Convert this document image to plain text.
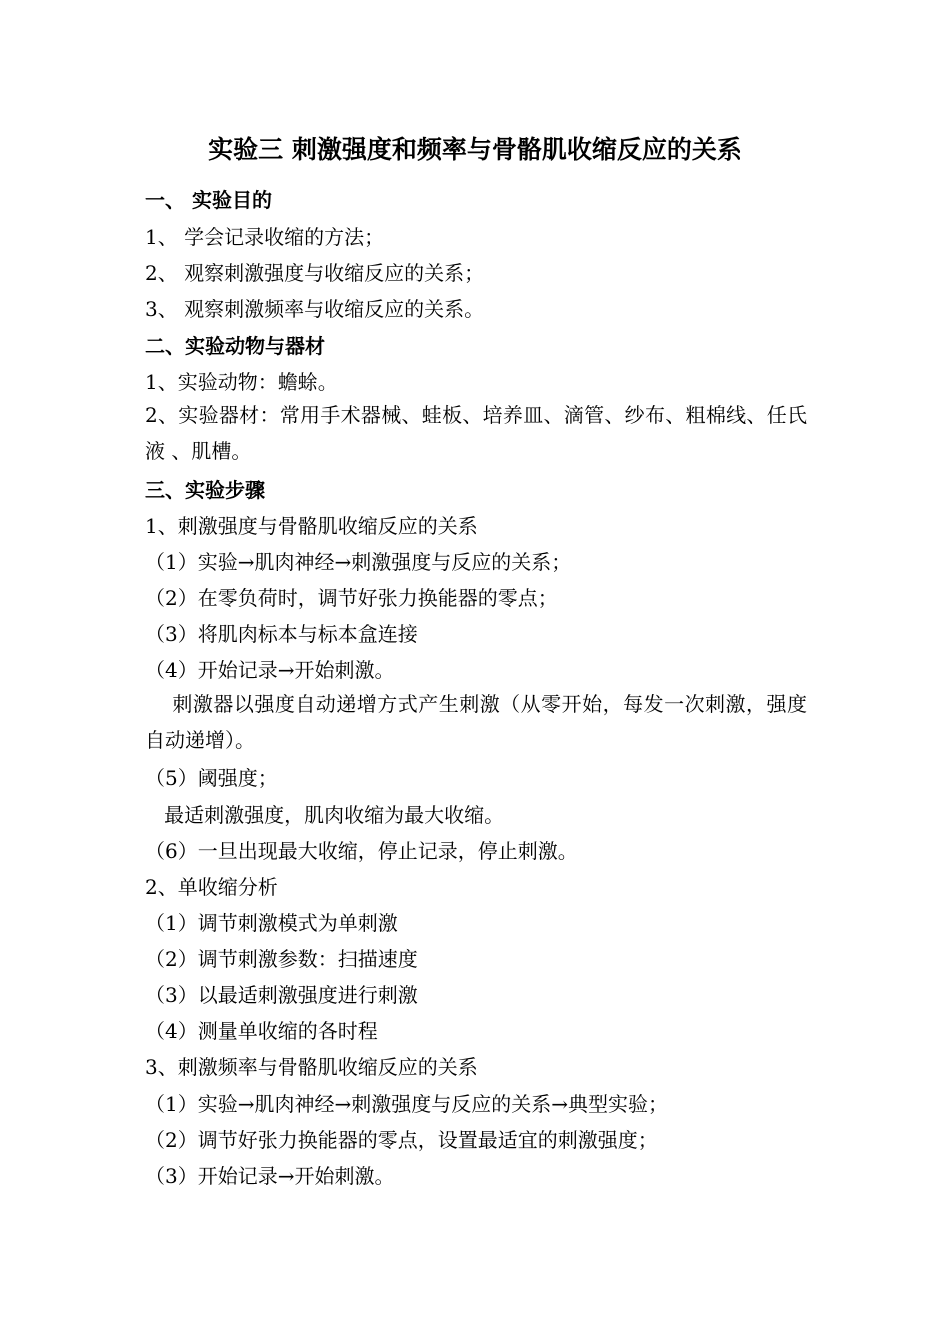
实验三 刺激强度和频率与骨骼肌收缩反应的关系
一、 实验目的
1、 学会记录收缩的方法；
2、 观察刺激强度与收缩反应的关系；
3、 观察刺激频率与收缩反应的关系。
二、实验动物与器材
1、实验动物：蟾蜍。
2、实验器材：常用手术器械、蛙板、培养皿、滴管、纱布、粗棉线、任氏液 、肌槽。
三、实验步骤
1、刺激强度与骨骼肌收缩反应的关系
（1）实验→肌肉神经→刺激强度与反应的关系；
（2）在零负荷时，调节好张力换能器的零点；
（3）将肌肉标本与标本盒连接
（4）开始记录→开始刺激。
刺激器以强度自动递增方式产生刺激（从零开始，每发一次刺激，强度自动递增）。
（5）阈强度；
最适刺激强度，肌肉收缩为最大收缩。
（6）一旦出现最大收缩，停止记录，停止刺激。
2、单收缩分析
（1）调节刺激模式为单刺激
（2）调节刺激参数：扫描速度
（3）以最适刺激强度进行刺激
（4）测量单收缩的各时程
3、刺激频率与骨骼肌收缩反应的关系
（1）实验→肌肉神经→刺激强度与反应的关系→典型实验；
（2）调节好张力换能器的零点，设置最适宜的刺激强度；
（3）开始记录→开始刺激。
